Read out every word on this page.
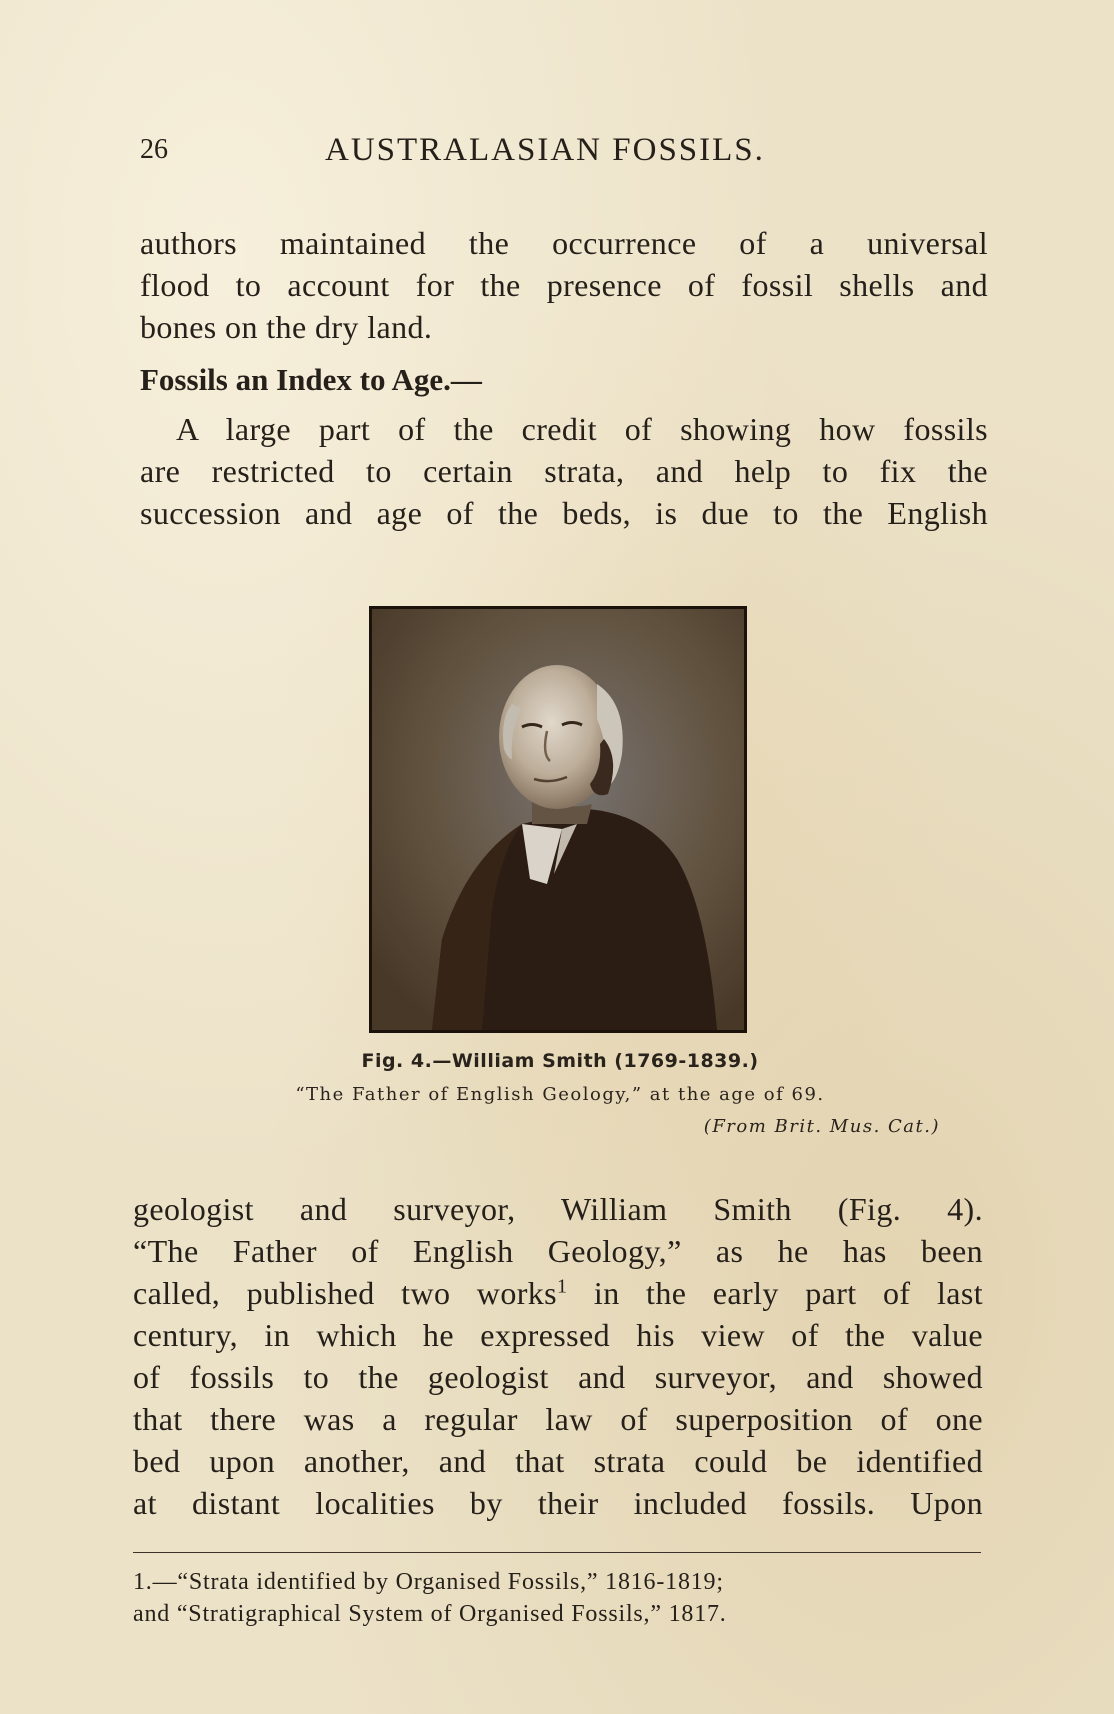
26	AUSTRALASIAN FOSSILS.
authors maintained the occurrence of a universal
flood to account for the presence of fossil shells and
bones on the dry land.
Fossils an Index to Age.—
A large part of the credit of showing how fossils
are restricted to certain strata, and help to fix the
succession and age of the beds, is due to the English
Fig. 4.—William Smith (1769-1839.)
“The Father of English Geology,” at the age of 69.
(From Brit. Mus. Cat.)
geologist and surveyor, William Smith (Fig. 4).
“The Father of English Geology,” as he has been
called, published two works$^1$ in the early part of last
century, in which he expressed his view of the value
of fossils to the geologist and surveyor, and showed
that there was a regular law of superposition of one
bed upon another, and that strata could be identified
at distant localities by their included fossils. Upon
1.—“Strata identified by Organised Fossils,” 1816-1819;
and “Stratigraphical System of Organised Fossils,” 1817.
